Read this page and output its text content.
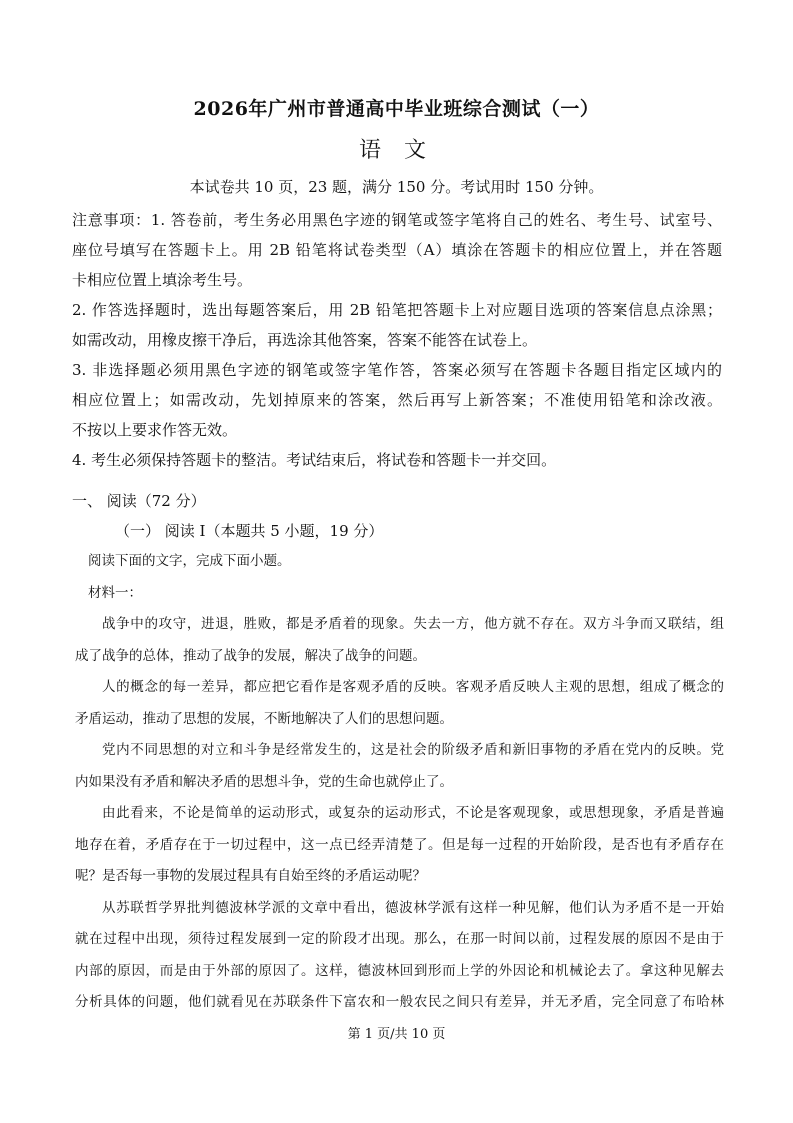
2026年广州市普通高中毕业班综合测试（一）
语 文
本试卷共 10 页，23 题，满分 150 分。考试用时 150 分钟。
注意事项：1. 答卷前，考生务必用黑色字迹的钢笔或签字笔将自己的姓名、考生号、试室号、
座位号填写在答题卡上。用 2B 铅笔将试卷类型（A）填涂在答题卡的相应位置上，并在答题
卡相应位置上填涂考生号。
2. 作答选择题时，选出每题答案后，用 2B 铅笔把答题卡上对应题目选项的答案信息点涂黑；
如需改动，用橡皮擦干净后，再选涂其他答案，答案不能答在试卷上。
3. 非选择题必须用黑色字迹的钢笔或签字笔作答，答案必须写在答题卡各题目指定区域内的
相应位置上；如需改动，先划掉原来的答案，然后再写上新答案；不准使用铅笔和涂改液。
不按以上要求作答无效。
4. 考生必须保持答题卡的整洁。考试结束后，将试卷和答题卡一并交回。
一、 阅读（72 分）
（一） 阅读 I（本题共 5 小题，19 分）

阅读下面的文字，完成下面小题。

材料一：

战争中的攻守，进退，胜败，都是矛盾着的现象。失去一方，他方就不存在。双方斗争而又联结，组

成了战争的总体，推动了战争的发展，解决了战争的问题。

人的概念的每一差异，都应把它看作是客观矛盾的反映。客观矛盾反映人主观的思想，组成了概念的

矛盾运动，推动了思想的发展，不断地解决了人们的思想问题。

党内不同思想的对立和斗争是经常发生的，这是社会的阶级矛盾和新旧事物的矛盾在党内的反映。党

内如果没有矛盾和解决矛盾的思想斗争，党的生命也就停止了。

由此看来，不论是简单的运动形式，或复杂的运动形式，不论是客观现象，或思想现象，矛盾是普遍

地存在着，矛盾存在于一切过程中，这一点已经弄清楚了。但是每一过程的开始阶段，是否也有矛盾存在

呢？是否每一事物的发展过程具有自始至终的矛盾运动呢？

从苏联哲学界批判德波林学派的文章中看出，德波林学派有这样一种见解，他们认为矛盾不是一开始

就在过程中出现，须待过程发展到一定的阶段才出现。那么，在那一时间以前，过程发展的原因不是由于

内部的原因，而是由于外部的原因了。这样，德波林回到形而上学的外因论和机械论去了。拿这种见解去

分析具体的问题，他们就看见在苏联条件下富农和一般农民之间只有差异，并无矛盾，完全同意了布哈林

第 1 页/共 10 页
